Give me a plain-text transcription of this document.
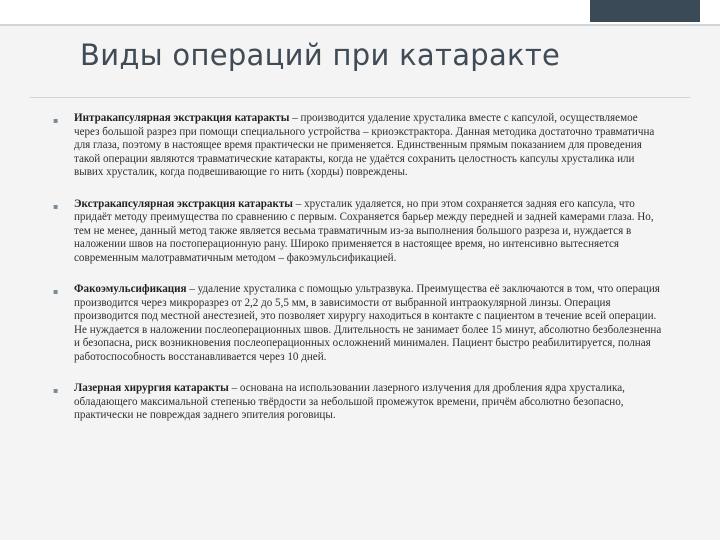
Виды операций при катаракте
▪ Интракапсулярная экстракция катаракты – производится удаление хрусталика вместе с капсулой, осуществляемое через большой разрез при помощи специального устройства – криоэкстрактора. Данная методика достаточно травматична для глаза, поэтому в настоящее время практически не применяется. Единственным прямым показанием для проведения такой операции являются травматические катаракты, когда не удаётся сохранить целостность капсулы хрусталика или вывих хрусталик, когда подвешивающие го нить (хорды) повреждены.
▪ Экстракапсулярная экстракция катаракты – хрусталик удаляется, но при этом сохраняется задняя его капсула, что придаёт методу преимущества по сравнению с первым. Сохраняется барьер между передней и задней камерами глаза. Но, тем не менее, данный метод также является весьма травматичным из-за выполнения большого разреза и, нуждается в наложении швов на постоперационную рану. Широко применяется в настоящее время, но интенсивно вытесняется современным малотравматичным методом – факоэмульсификацией.
▪ Факоэмульсификация – удаление хрусталика с помощью ультразвука. Преимущества её заключаются в том, что операция производится через микроразрез от 2,2 до 5,5 мм, в зависимости от выбранной интраокулярной линзы. Операция производится под местной анестезией, это позволяет хирургу находиться в контакте с пациентом в течение всей операции. Не нуждается в наложении послеоперационных швов. Длительность не занимает более 15 минут, абсолютно безболезненна и безопасна, риск возникновения послеоперационных осложнений минимален. Пациент быстро реабилитируется, полная работоспособность восстанавливается через 10 дней.
▪ Лазерная хирургия катаракты – основана на использовании лазерного излучения для дробления ядра хрусталика, обладающего максимальной степенью твёрдости за небольшой промежуток времени, причём абсолютно безопасно, практически не повреждая заднего эпителия роговицы.
